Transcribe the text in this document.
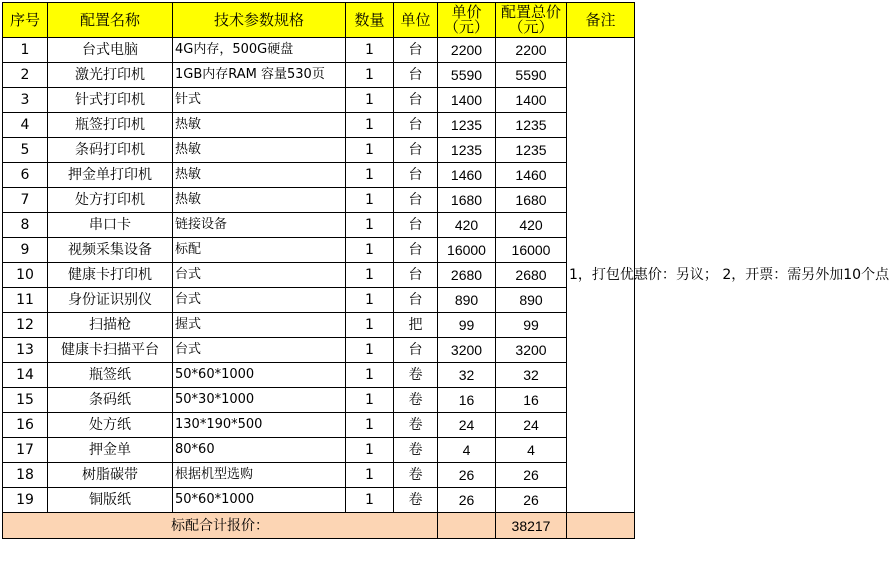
序号	配置名称	技术参数规格	数量	单位	单价（元）	配置总价（元）	备注
1	台式电脑	4G内存，500G硬盘	1	台	2200	2200	1，打包优惠价：另议； 2，开票：需另外加10个点
2	激光打印机	1GB内存RAM 容量530页	1	台	5590	5590	
3	针式打印机	针式	1	台	1400	1400	
4	瓶签打印机	热敏	1	台	1235	1235	
5	条码打印机	热敏	1	台	1235	1235	
6	押金单打印机	热敏	1	台	1460	1460	
7	处方打印机	热敏	1	台	1680	1680	
8	串口卡	链接设备	1	台	420	420	
9	视频采集设备	标配	1	台	16000	16000	
10	健康卡打印机	台式	1	台	2680	2680	
11	身份证识别仪	台式	1	台	890	890	
12	扫描枪	握式	1	把	99	99	
13	健康卡扫描平台	台式	1	台	3200	3200	
14	瓶签纸	50*60*1000	1	卷	32	32	
15	条码纸	50*30*1000	1	卷	16	16	
16	处方纸	130*190*500	1	卷	24	24	
17	押金单	80*60	1	卷	4	4	
18	树脂碳带	根据机型选购	1	卷	26	26	
19	铜版纸	50*60*1000	1	卷	26	26	
标配合计报价：						38217	
